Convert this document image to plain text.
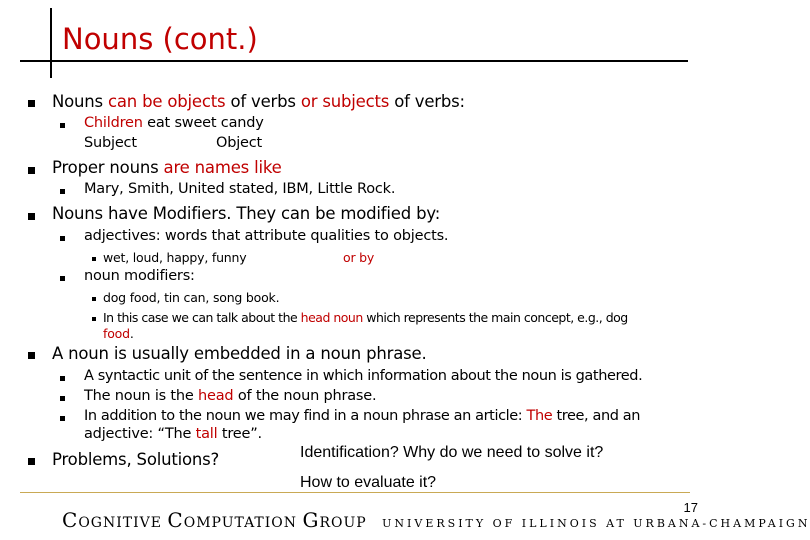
Nouns (cont.)
Nouns can be objects of verbs or subjects of verbs:
Children eat sweet candy
Subject	Object
Proper nouns are names like
Mary, Smith, United stated, IBM, Little Rock.
Nouns have Modifiers. They can be modified by:
adjectives: words that attribute qualities to objects.
wet, loud, happy, funny	or by
noun modifiers:
dog food, tin can, song book.
In this case we can talk about the head noun which represents the main concept, e.g., dog
food.
A noun is usually embedded in a noun phrase.
A syntactic unit of the sentence in which information about the noun is gathered.
The noun is the head of the noun phrase.
In addition to the noun we may find in a noun phrase an article: The tree, and an
adjective: “The tall tree”.
Problems, Solutions?	Identification? Why do we need to solve it?
How to evaluate it?
17
COGNITIVE COMPUTATION GROUP UNIVERSITY OF ILLINOIS AT URBANA-CHAMPAIGN
